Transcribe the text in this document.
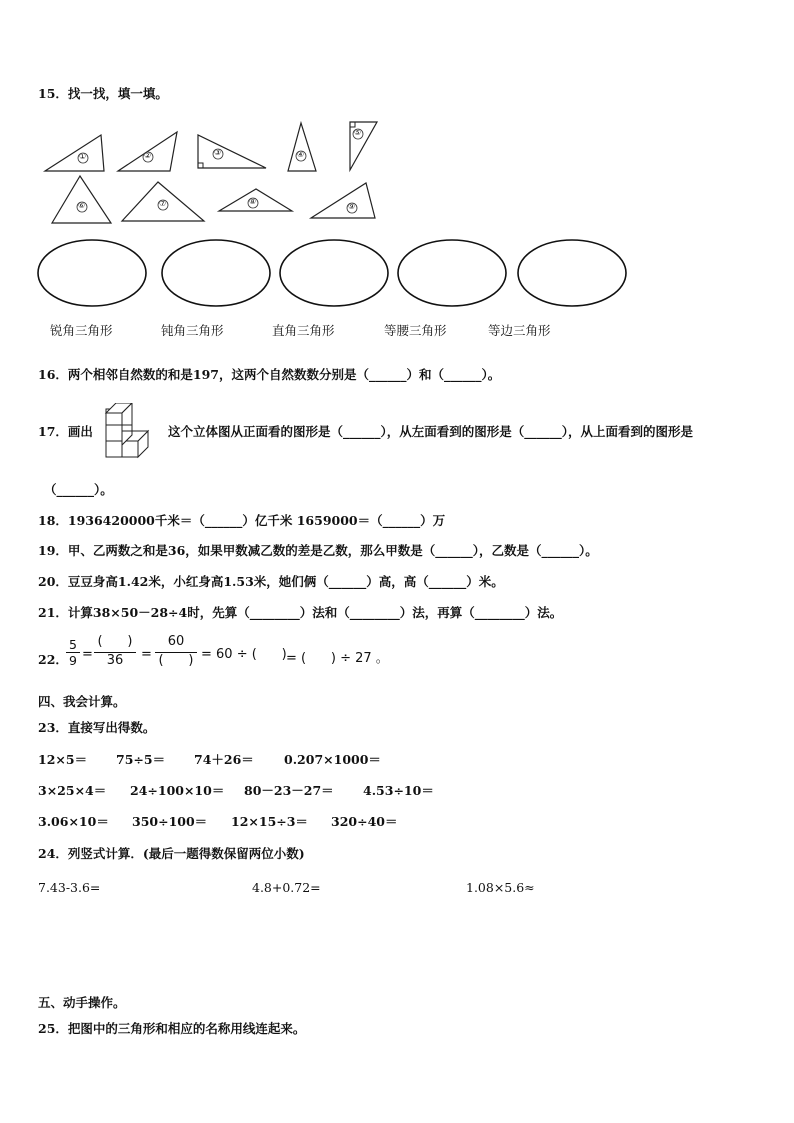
15．找一找，填一填。
①	②	③	④
⑤
⑥	⑦	⑧
⑨
锐角三角形	钝角三角形	直角三角形	等腰三角形	等边三角形
16．两个相邻自然数的和是197，这两个自然数数分别是（______）和（______）。
17．画出	这个立体图从正面看的图形是（______），从左面看到的图形是（______），从上面看到的图形是
（______）。
18．1936420000千米＝（______）亿千米 1659000＝（______）万
19．甲、乙两数之和是36，如果甲数减乙数的差是乙数，那么甲数是（______），乙数是（______）。
20．豆豆身高1.42米，小红身高1.53米，她们俩（______）高，高（______）米。
21．计算38×50－28÷4时，先算（________）法和（________）法，再算（________）法。
22．
5
9 =
(      )
36	=
60
(      ) = 60 ÷ (      ) = (      ) ÷ 27 。
四、我会计算。
23．直接写出得数。
12×5＝ 75÷5＝ 74＋26＝ 0.207×1000＝
3×25×4＝ 24÷100×10＝ 80－23－27＝ 4.53÷10＝
3.06×10＝ 350÷100＝ 12×15÷3＝ 320÷40＝
24．列竖式计算．(最后一题得数保留两位小数)
7.43-3.6=	4.8+0.72=	1.08×5.6≈
五、动手操作。
25．把图中的三角形和相应的名称用线连起来。
